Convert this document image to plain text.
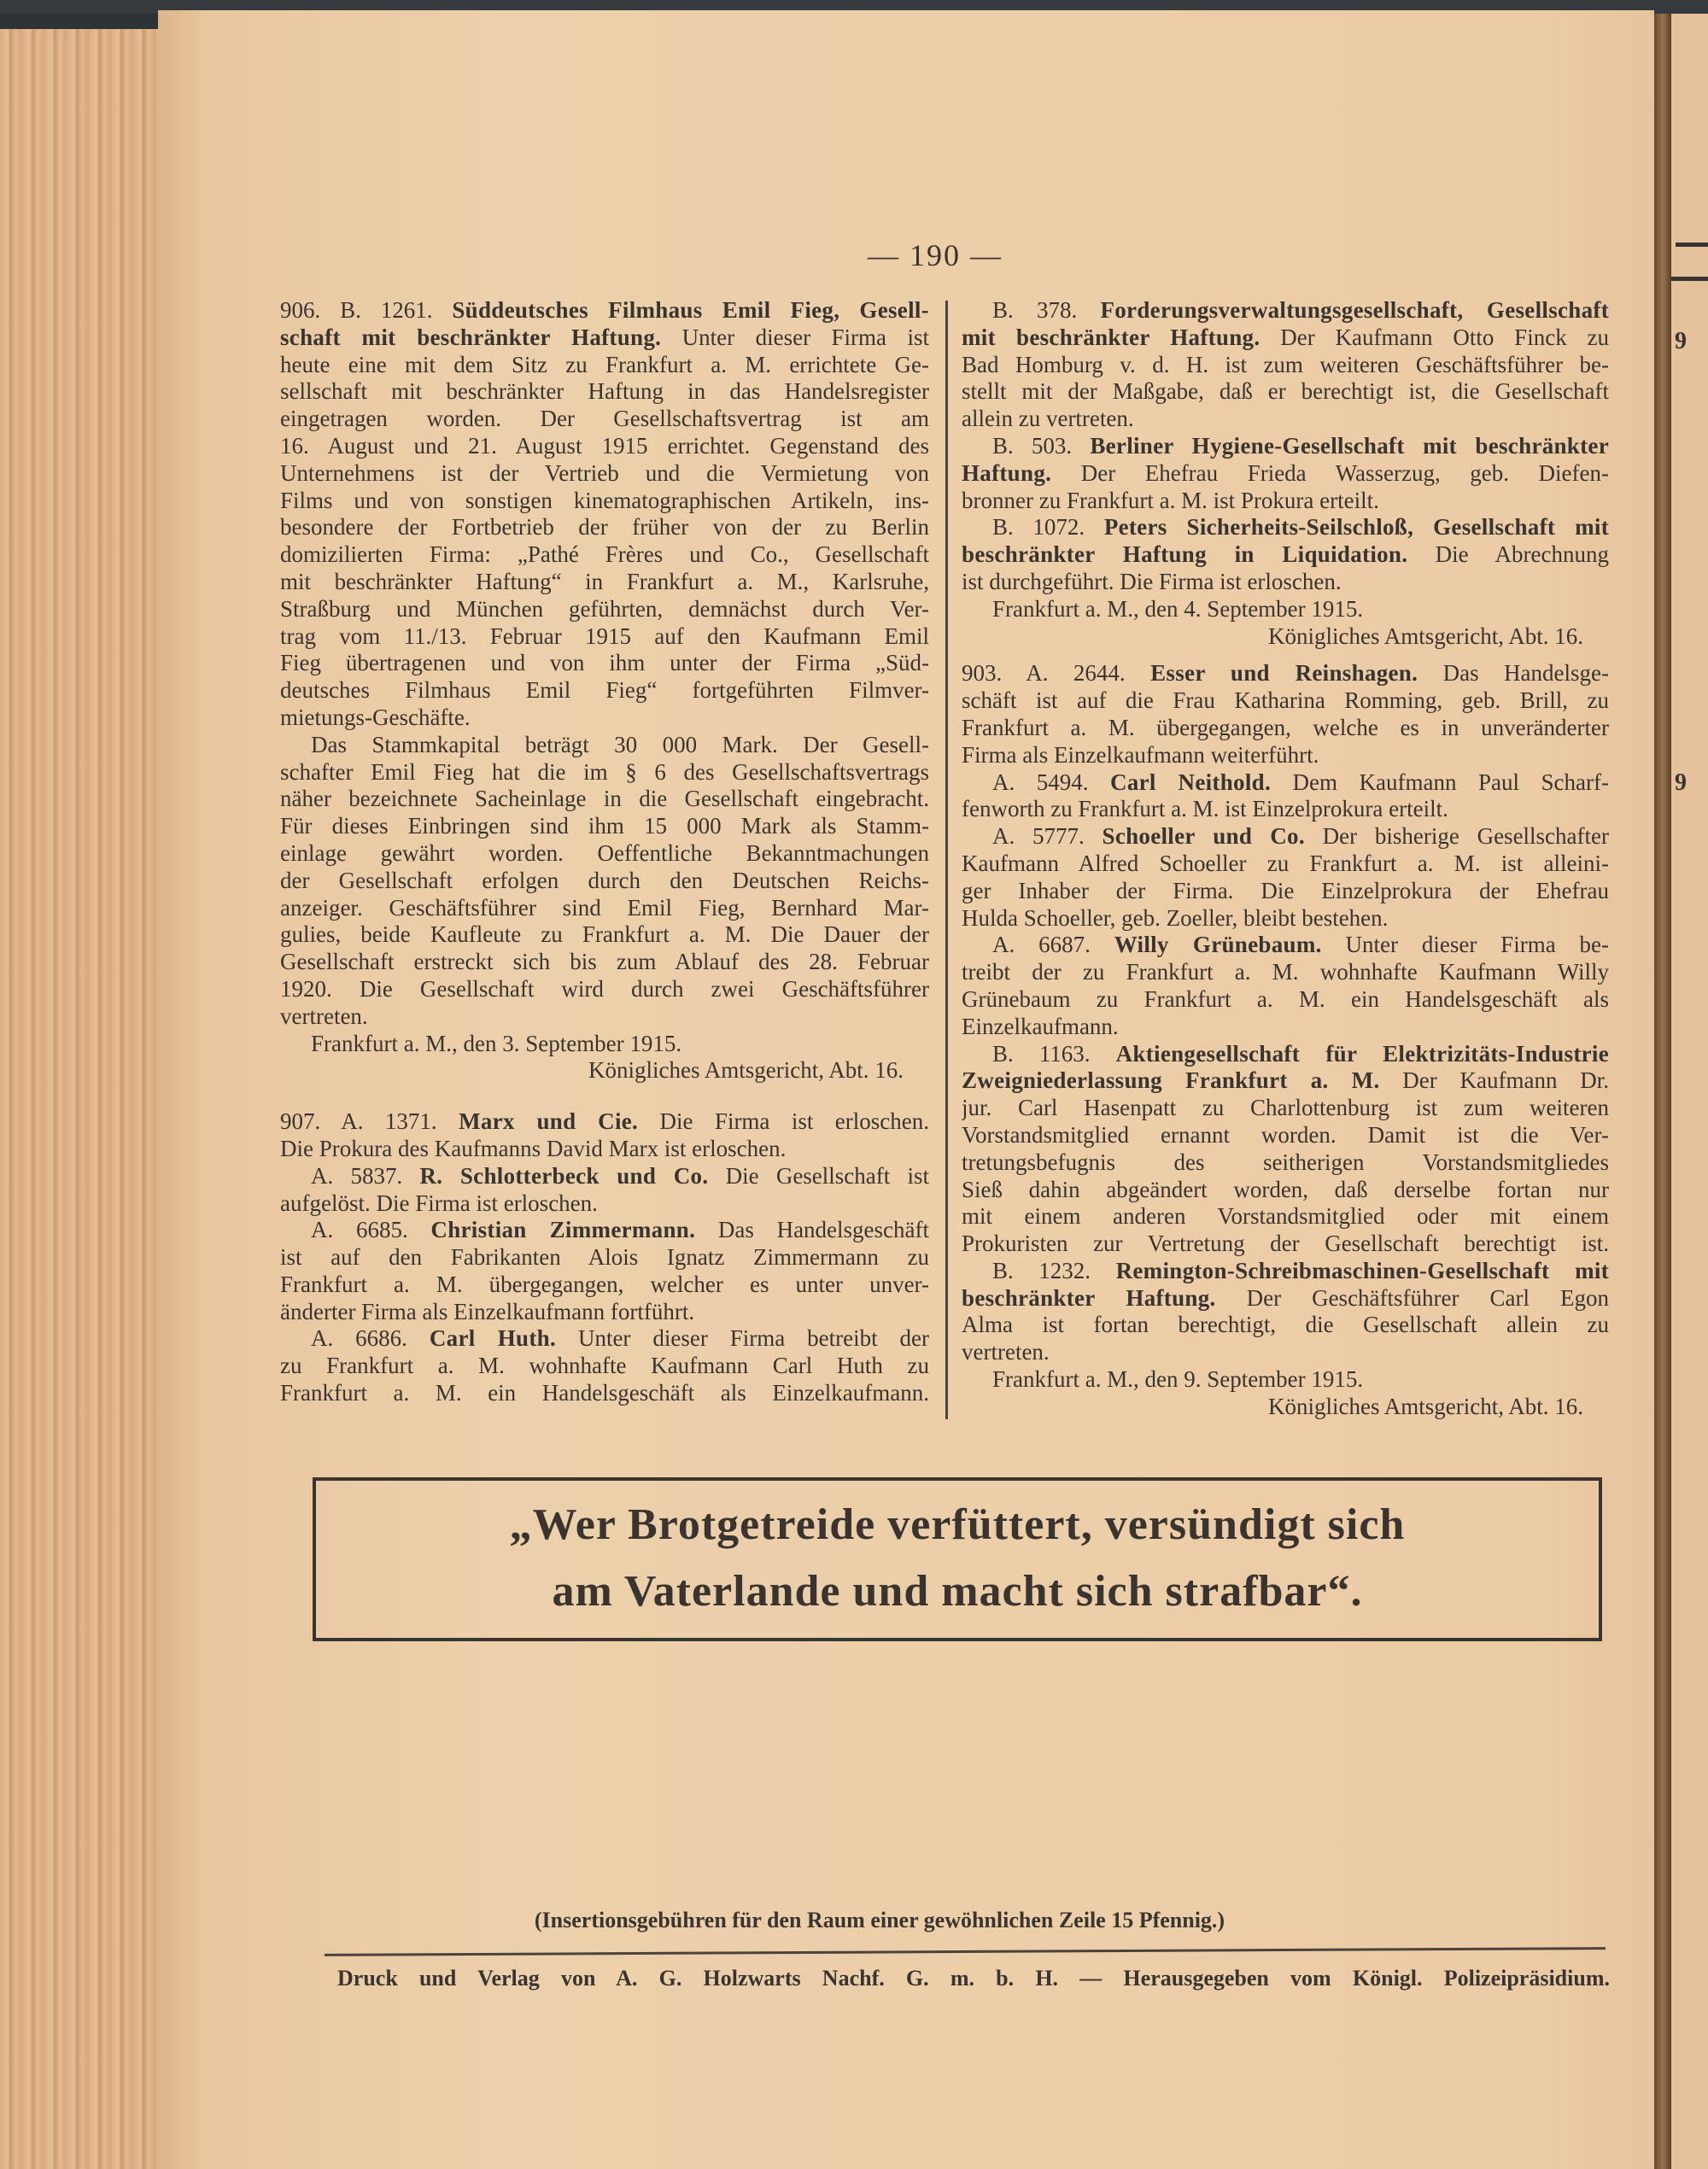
9
9
— 190 —
906. B. 1261. Süddeutsches Filmhaus Emil Fieg, Gesell-
schaft mit beschränkter Haftung. Unter dieser Firma ist
heute eine mit dem Sitz zu Frankfurt a. M. errichtete Ge-
sellschaft mit beschränkter Haftung in das Handelsregister
eingetragen worden. Der Gesellschaftsvertrag ist am
16. August und 21. August 1915 errichtet. Gegenstand des
Unternehmens ist der Vertrieb und die Vermietung von
Films und von sonstigen kinematographischen Artikeln, ins-
besondere der Fortbetrieb der früher von der zu Berlin
domizilierten Firma: „Pathé Frères und Co., Gesellschaft
mit beschränkter Haftung“ in Frankfurt a. M., Karlsruhe,
Straßburg und München geführten, demnächst durch Ver-
trag vom 11./13. Februar 1915 auf den Kaufmann Emil
Fieg übertragenen und von ihm unter der Firma „Süd-
deutsches Filmhaus Emil Fieg“ fortgeführten Filmver-
mietungs-Geschäfte.
Das Stammkapital beträgt 30 000 Mark. Der Gesell-
schafter Emil Fieg hat die im § 6 des Gesellschaftsvertrags
näher bezeichnete Sacheinlage in die Gesellschaft eingebracht.
Für dieses Einbringen sind ihm 15 000 Mark als Stamm-
einlage gewährt worden. Oeffentliche Bekanntmachungen
der Gesellschaft erfolgen durch den Deutschen Reichs-
anzeiger. Geschäftsführer sind Emil Fieg, Bernhard Mar-
gulies, beide Kaufleute zu Frankfurt a. M. Die Dauer der
Gesellschaft erstreckt sich bis zum Ablauf des 28. Februar
1920. Die Gesellschaft wird durch zwei Geschäftsführer
vertreten.
Frankfurt a. M., den 3. September 1915.
Königliches Amtsgericht, Abt. 16.
907. A. 1371. Marx und Cie. Die Firma ist erloschen.
Die Prokura des Kaufmanns David Marx ist erloschen.
A. 5837. R. Schlotterbeck und Co. Die Gesellschaft ist
aufgelöst. Die Firma ist erloschen.
A. 6685. Christian Zimmermann. Das Handelsgeschäft
ist auf den Fabrikanten Alois Ignatz Zimmermann zu
Frankfurt a. M. übergegangen, welcher es unter unver-
änderter Firma als Einzelkaufmann fortführt.
A. 6686. Carl Huth. Unter dieser Firma betreibt der
zu Frankfurt a. M. wohnhafte Kaufmann Carl Huth zu
Frankfurt a. M. ein Handelsgeschäft als Einzelkaufmann.
B. 378. Forderungsverwaltungsgesellschaft, Gesellschaft
mit beschränkter Haftung. Der Kaufmann Otto Finck zu
Bad Homburg v. d. H. ist zum weiteren Geschäftsführer be-
stellt mit der Maßgabe, daß er berechtigt ist, die Gesellschaft
allein zu vertreten.
B. 503. Berliner Hygiene-Gesellschaft mit beschränkter
Haftung. Der Ehefrau Frieda Wasserzug, geb. Diefen-
bronner zu Frankfurt a. M. ist Prokura erteilt.
B. 1072. Peters Sicherheits-Seilschloß, Gesellschaft mit
beschränkter Haftung in Liquidation. Die Abrechnung
ist durchgeführt. Die Firma ist erloschen.
Frankfurt a. M., den 4. September 1915.
Königliches Amtsgericht, Abt. 16.
903. A. 2644. Esser und Reinshagen. Das Handelsge-
schäft ist auf die Frau Katharina Romming, geb. Brill, zu
Frankfurt a. M. übergegangen, welche es in unveränderter
Firma als Einzelkaufmann weiterführt.
A. 5494. Carl Neithold. Dem Kaufmann Paul Scharf-
fenworth zu Frankfurt a. M. ist Einzelprokura erteilt.
A. 5777. Schoeller und Co. Der bisherige Gesellschafter
Kaufmann Alfred Schoeller zu Frankfurt a. M. ist alleini-
ger Inhaber der Firma. Die Einzelprokura der Ehefrau
Hulda Schoeller, geb. Zoeller, bleibt bestehen.
A. 6687. Willy Grünebaum. Unter dieser Firma be-
treibt der zu Frankfurt a. M. wohnhafte Kaufmann Willy
Grünebaum zu Frankfurt a. M. ein Handelsgeschäft als
Einzelkaufmann.
B. 1163. Aktiengesellschaft für Elektrizitäts-Industrie
Zweigniederlassung Frankfurt a. M. Der Kaufmann Dr.
jur. Carl Hasenpatt zu Charlottenburg ist zum weiteren
Vorstandsmitglied ernannt worden. Damit ist die Ver-
tretungsbefugnis des seitherigen Vorstandsmitgliedes
Sieß dahin abgeändert worden, daß derselbe fortan nur
mit einem anderen Vorstandsmitglied oder mit einem
Prokuristen zur Vertretung der Gesellschaft berechtigt ist.
B. 1232. Remington-Schreibmaschinen-Gesellschaft mit
beschränkter Haftung. Der Geschäftsführer Carl Egon
Alma ist fortan berechtigt, die Gesellschaft allein zu
vertreten.
Frankfurt a. M., den 9. September 1915.
Königliches Amtsgericht, Abt. 16.
„Wer Brotgetreide verfüttert, versündigt sich
am Vaterlande und macht sich strafbar“.
(Insertionsgebühren für den Raum einer gewöhnlichen Zeile 15 Pfennig.)
Druck und Verlag von A. G. Holzwarts Nachf. G. m. b. H. — Herausgegeben vom Königl. Polizeipräsidium.
